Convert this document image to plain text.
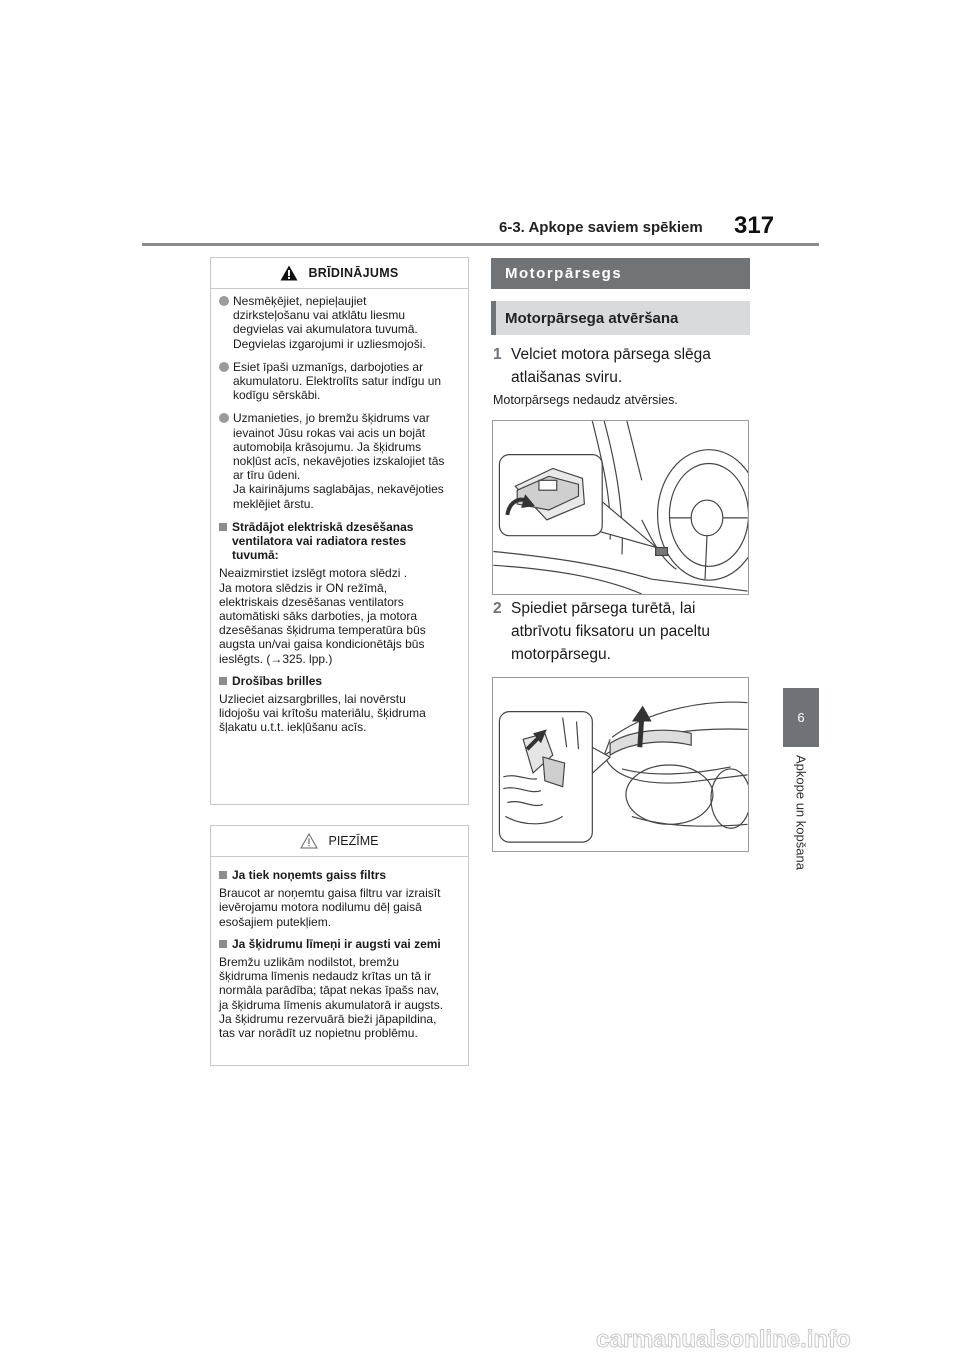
6-3. Apkope saviem spēkiem 317
6
Apkope un kopšana
BRĪDINĀJUMS
Nesmēķējiet, nepieļaujiet
dzirksteļošanu vai atklātu liesmu
degvielas vai akumulatora tuvumā.
Degvielas izgarojumi ir uzliesmojoši.
Esiet īpaši uzmanīgs, darbojoties ar
akumulatoru. Elektrolīts satur indīgu un
kodīgu sērskābi.
Uzmanieties, jo bremžu šķidrums var
ievainot Jūsu rokas vai acis un bojāt
automobiļa krāsojumu. Ja šķidrums
nokļūst acīs, nekavējoties izskalojiet tās
ar tīru ūdeni.
Ja kairinājums saglabājas, nekavējoties
meklējiet ārstu.
Strādājot elektriskā dzesēšanas
ventilatora vai radiatora restes
tuvumā:
Neaizmirstiet izslēgt motora slēdzi .
Ja motora slēdzis ir ON režīmā,
elektriskais dzesēšanas ventilators
automātiski sāks darboties, ja motora
dzesēšanas šķidruma temperatūra būs
augsta un/vai gaisa kondicionētājs būs
ieslēgts. (→325. lpp.)
Drošības brilles
Uzlieciet aizsargbrilles, lai novērstu
lidojošu vai krītošu materiālu, šķidruma
šļakatu u.t.t. iekļūšanu acīs.
PIEZĪME
Ja tiek noņemts gaiss filtrs
Braucot ar noņemtu gaisa filtru var izraisīt
ievērojamu motora nodilumu dēļ gaisā
esošajiem putekļiem.
Ja šķidrumu līmeņi ir augsti vai zemi
Bremžu uzlikām nodilstot, bremžu
šķidruma līmenis nedaudz krītas un tā ir
normāla parādība; tāpat nekas īpašs nav,
ja šķidruma līmenis akumulatorā ir augsts.
Ja šķidrumu rezervuārā bieži jāpapildina,
tas var norādīt uz nopietnu problēmu.
Motorpārsegs
Motorpārsega atvēršana
1 Velciet motora pārsega slēga
atlaišanas sviru.
Motorpārsegs nedaudz atvērsies.
2 Spiediet pārsega turētā, lai
atbrīvotu fiksatoru un paceltu
motorpārsegu.
carmanualsonline.info
